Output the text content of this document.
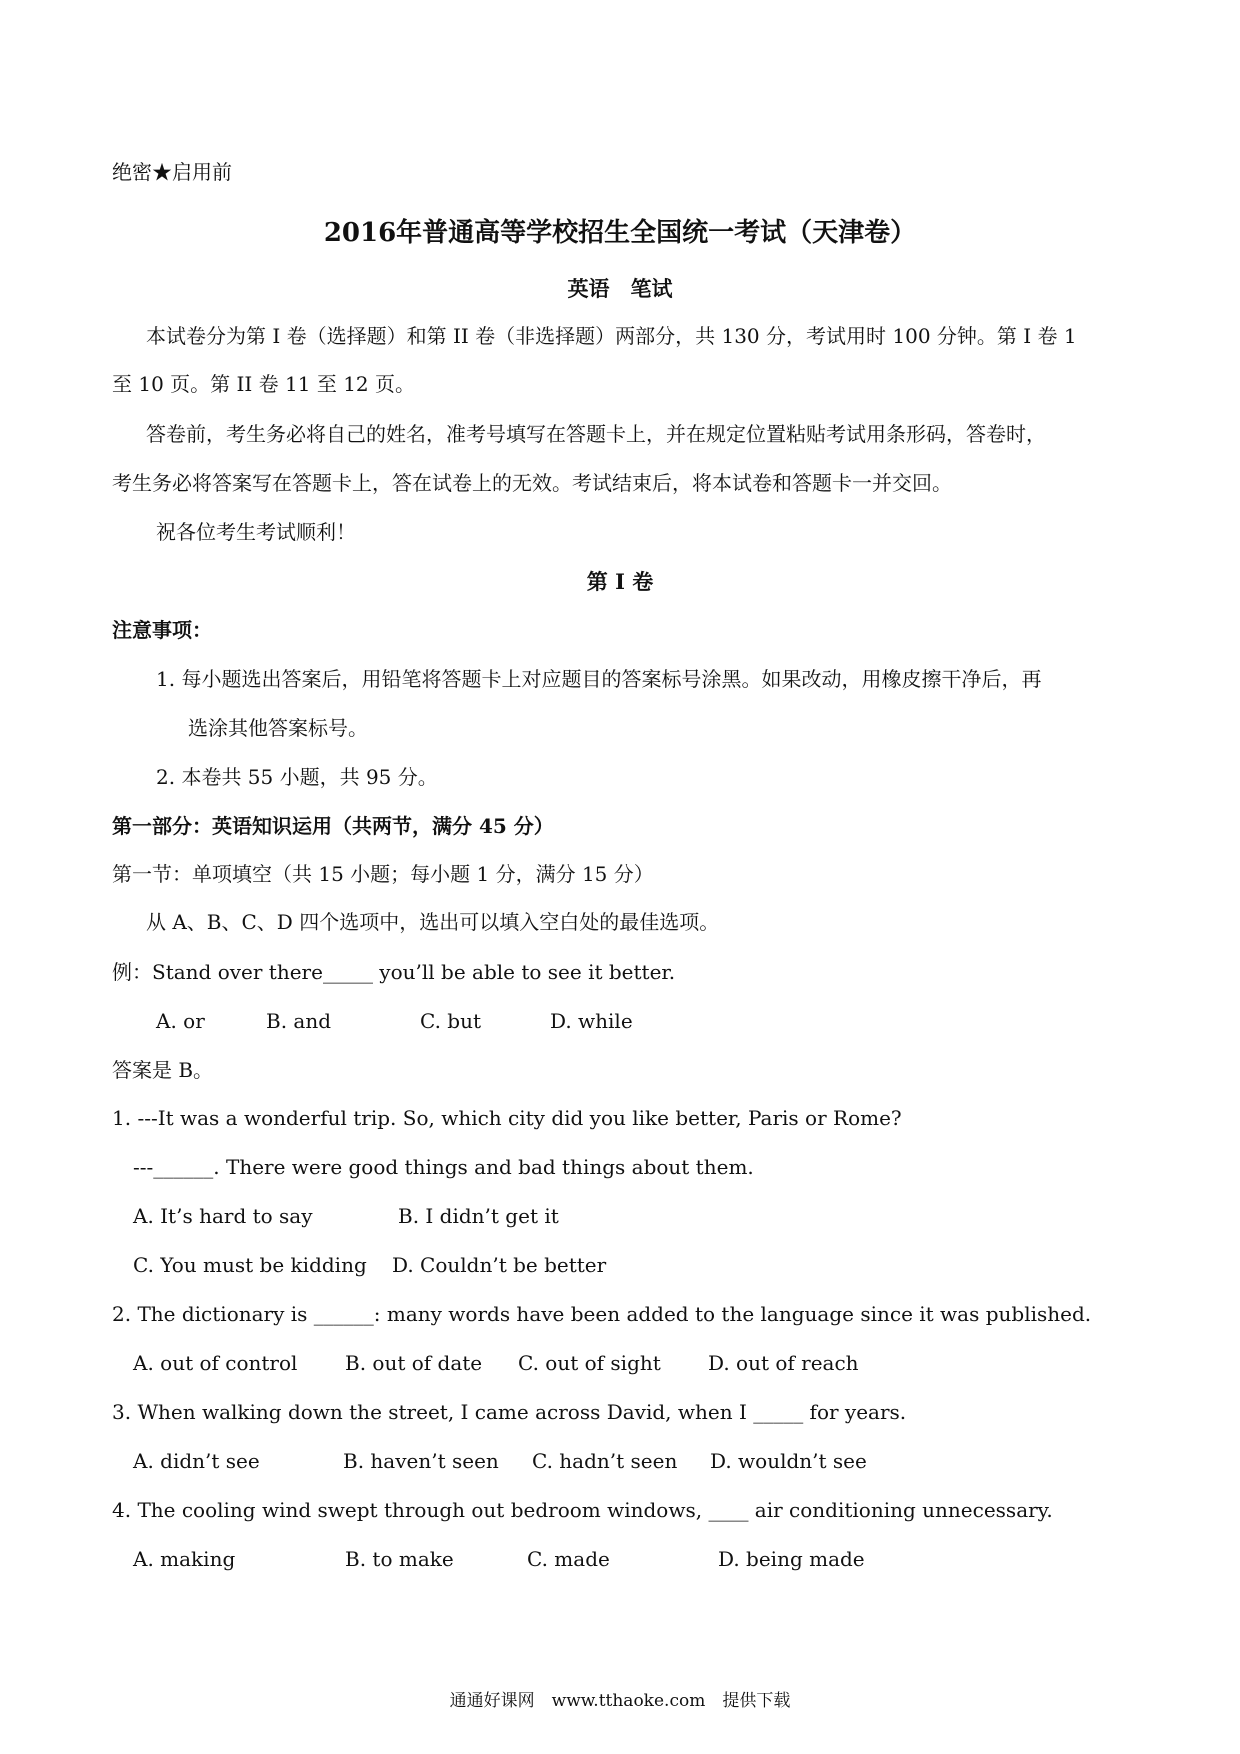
绝密★启用前
2016年普通高等学校招生全国统一考试（天津卷）
英语　笔试
本试卷分为第 I 卷（选择题）和第 II 卷（非选择题）两部分，共 130 分，考试用时 100 分钟。第 I 卷 1
至 10 页。第 II 卷 11 至 12 页。
答卷前，考生务必将自己的姓名，准考号填写在答题卡上，并在规定位置粘贴考试用条形码，答卷时，
考生务必将答案写在答题卡上，答在试卷上的无效。考试结束后，将本试卷和答题卡一并交回。
祝各位考生考试顺利！
第 I 卷
注意事项：
1. 每小题选出答案后，用铅笔将答题卡上对应题目的答案标号涂黑。如果改动，用橡皮擦干净后，再
选涂其他答案标号。
2. 本卷共 55 小题，共 95 分。
第一部分：英语知识运用（共两节，满分 45 分）
第一节：单项填空（共 15 小题；每小题 1 分，满分 15 分）
从 A、B、C、D 四个选项中，选出可以填入空白处的最佳选项。
例：Stand over there_____ you’ll be able to see it better.
A. or	B. and	C. but	D. while
答案是 B。
1. ---It was a wonderful trip. So, which city did you like better, Paris or Rome?
---______. There were good things and bad things about them.
A. It’s hard to say	B. I didn’t get it
C. You must be kidding D. Couldn’t be better
2. The dictionary is ______: many words have been added to the language since it was published.
A. out of control B. out of date C. out of sight D. out of reach
3. When walking down the street, I came across David, when I _____ for years.
A. didn’t see	B. haven’t seen C. hadn’t seen D. wouldn’t see
4. The cooling wind swept through out bedroom windows, ____ air conditioning unnecessary.
A. making	B. to make	C. made	D. being made
通通好课网　www.tthaoke.com　提供下载
